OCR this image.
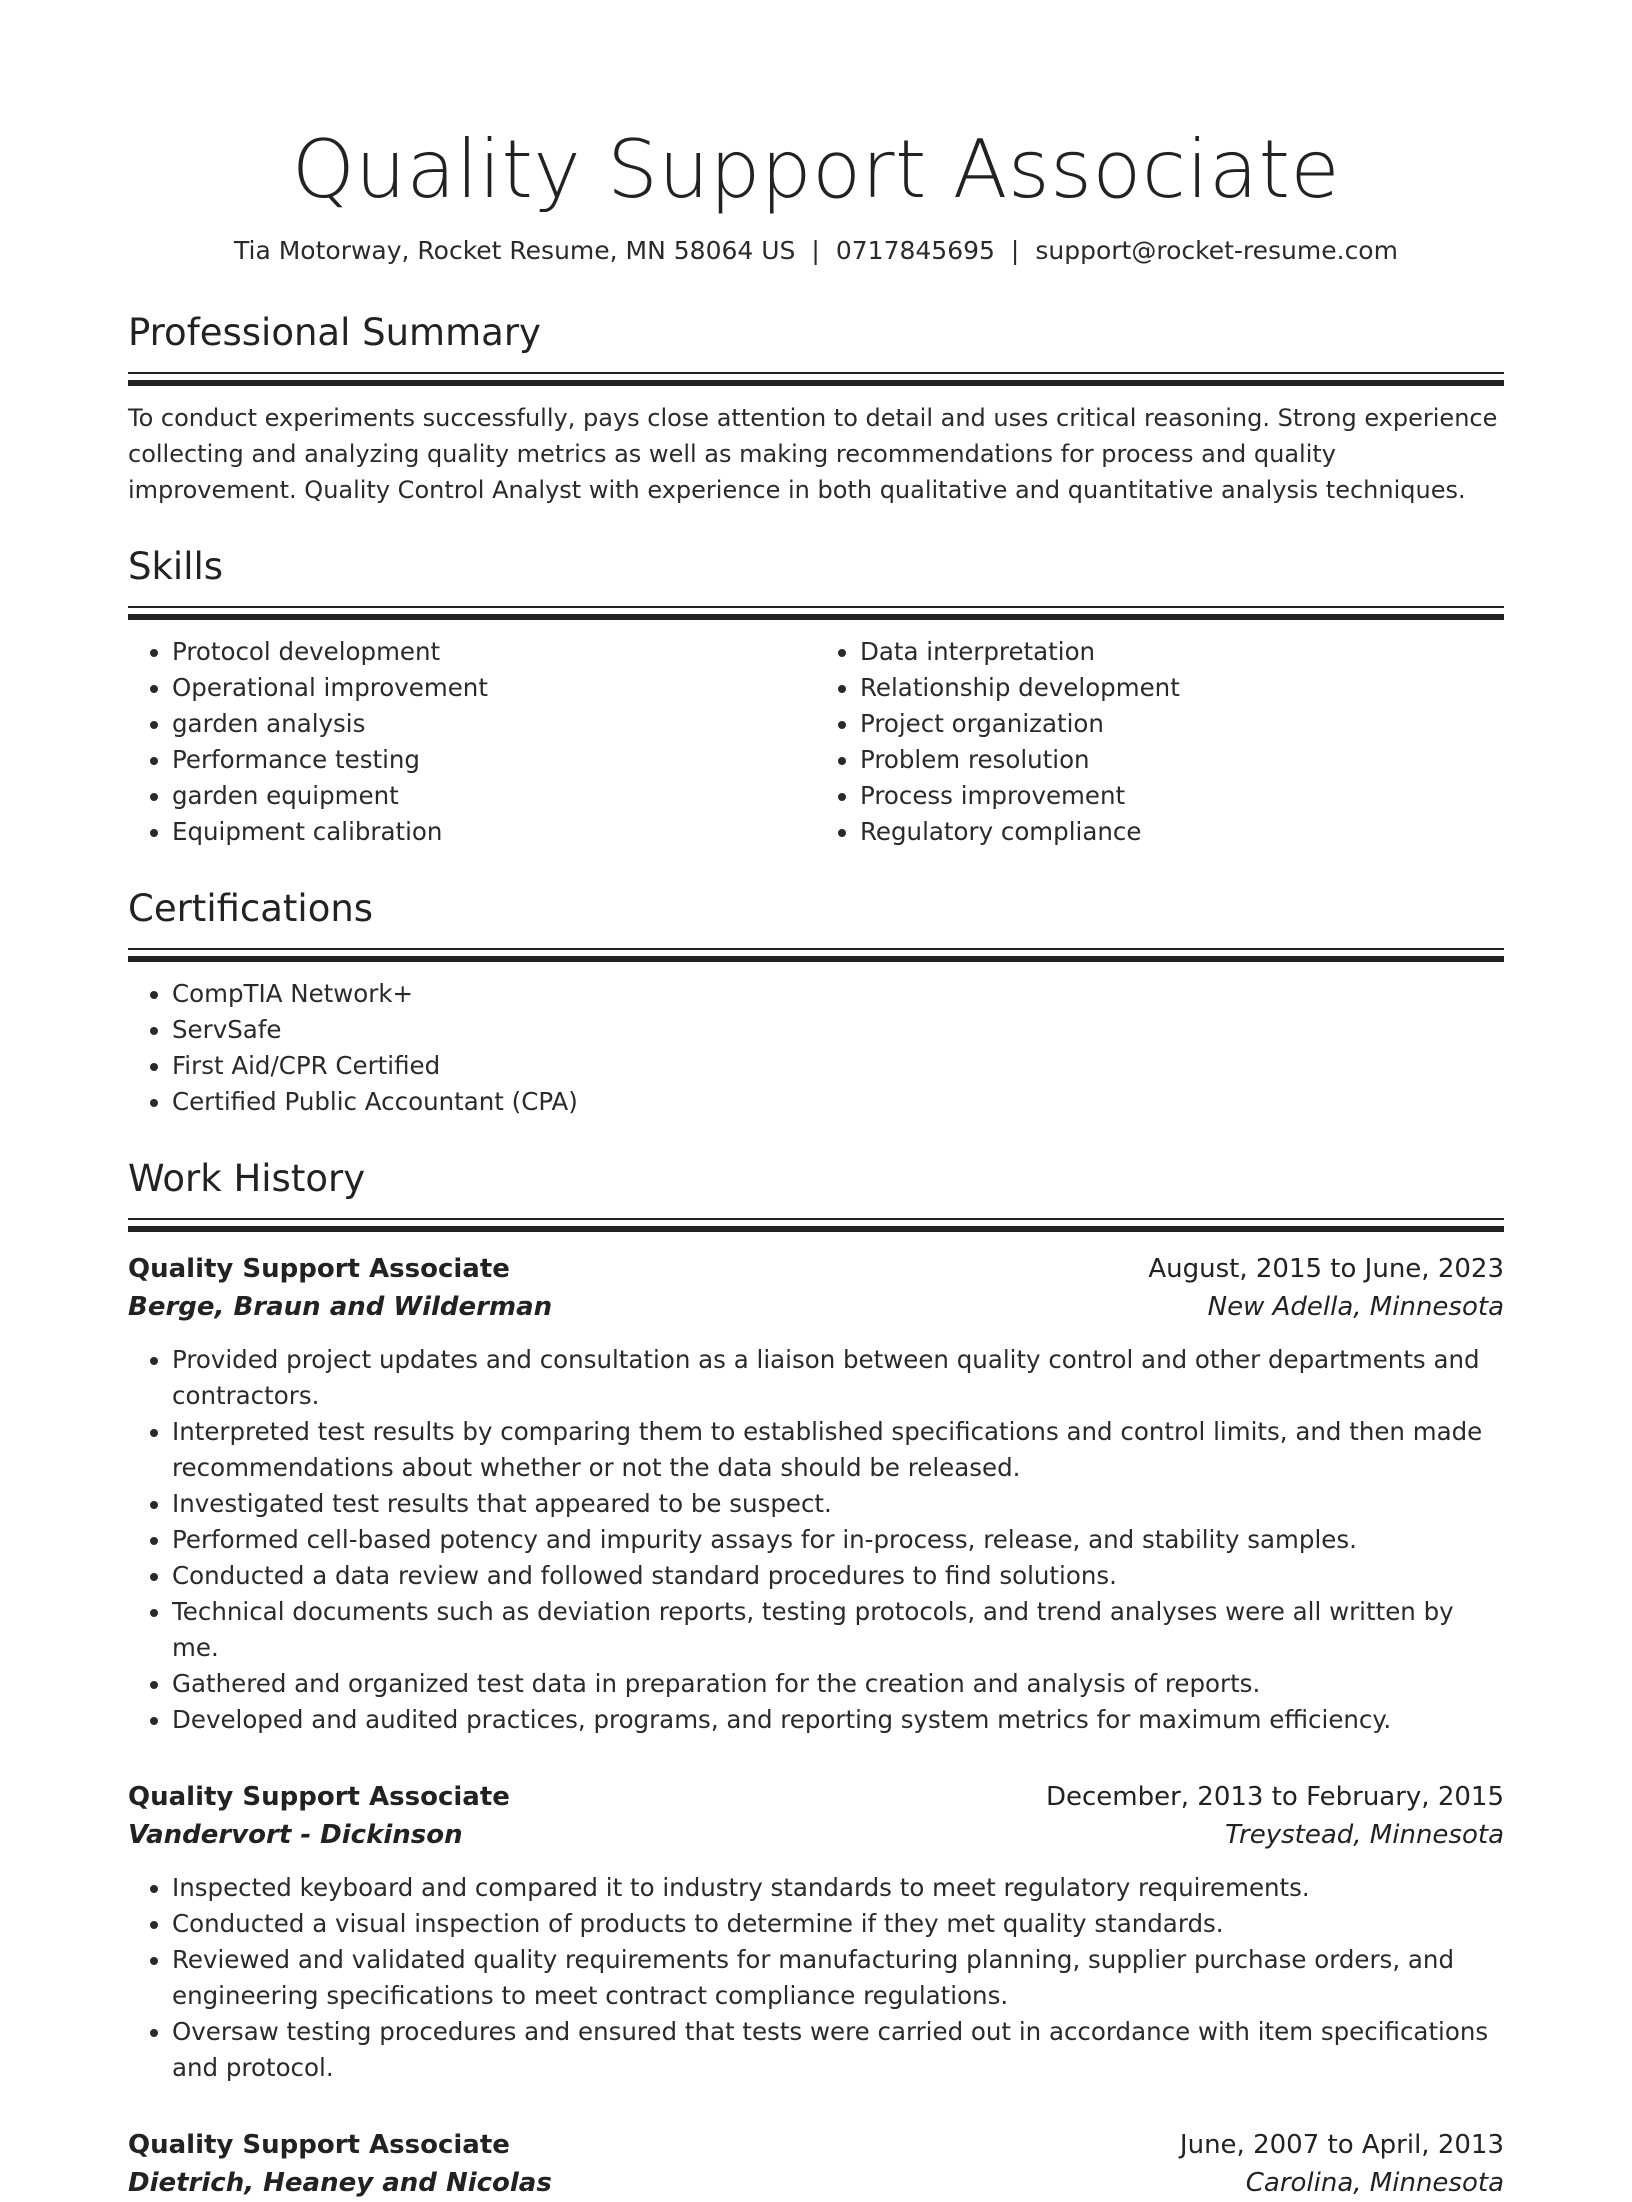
Quality Support Associate
Tia Motorway, Rocket Resume, MN 58064 US | 0717845695 | support@rocket-resume.com
Professional Summary

To conduct experiments successfully, pays close attention to detail and uses critical reasoning. Strong experience collecting and analyzing quality metrics as well as making recommendations for process and quality improvement. Quality Control Analyst with experience in both qualitative and quantitative analysis techniques.

Skills
• Protocol development
• Operational improvement
• garden analysis
• Performance testing
• garden equipment
• Equipment calibration
• Data interpretation
• Relationship development
• Project organization
• Problem resolution
• Process improvement
• Regulatory compliance
Certifications
• CompTIA Network+
• ServSafe
• First Aid/CPR Certified
• Certified Public Accountant (CPA)
Work History
Quality Support Associate	August, 2015 to June, 2023
Berge, Braun and Wilderman	New Adella, Minnesota
• Provided project updates and consultation as a liaison between quality control and other departments and contractors.
• Interpreted test results by comparing them to established specifications and control limits, and then made recommendations about whether or not the data should be released.
• Investigated test results that appeared to be suspect.
• Performed cell-based potency and impurity assays for in-process, release, and stability samples.
• Conducted a data review and followed standard procedures to find solutions.
• Technical documents such as deviation reports, testing protocols, and trend analyses were all written by me.
• Gathered and organized test data in preparation for the creation and analysis of reports.
• Developed and audited practices, programs, and reporting system metrics for maximum efficiency.
Quality Support Associate	December, 2013 to February, 2015
Vandervort - Dickinson	Treystead, Minnesota
• Inspected keyboard and compared it to industry standards to meet regulatory requirements.
• Conducted a visual inspection of products to determine if they met quality standards.
• Reviewed and validated quality requirements for manufacturing planning, supplier purchase orders, and engineering specifications to meet contract compliance regulations.
• Oversaw testing procedures and ensured that tests were carried out in accordance with item specifications and protocol.
Quality Support Associate	June, 2007 to April, 2013
Dietrich, Heaney and Nicolas	Carolina, Minnesota
